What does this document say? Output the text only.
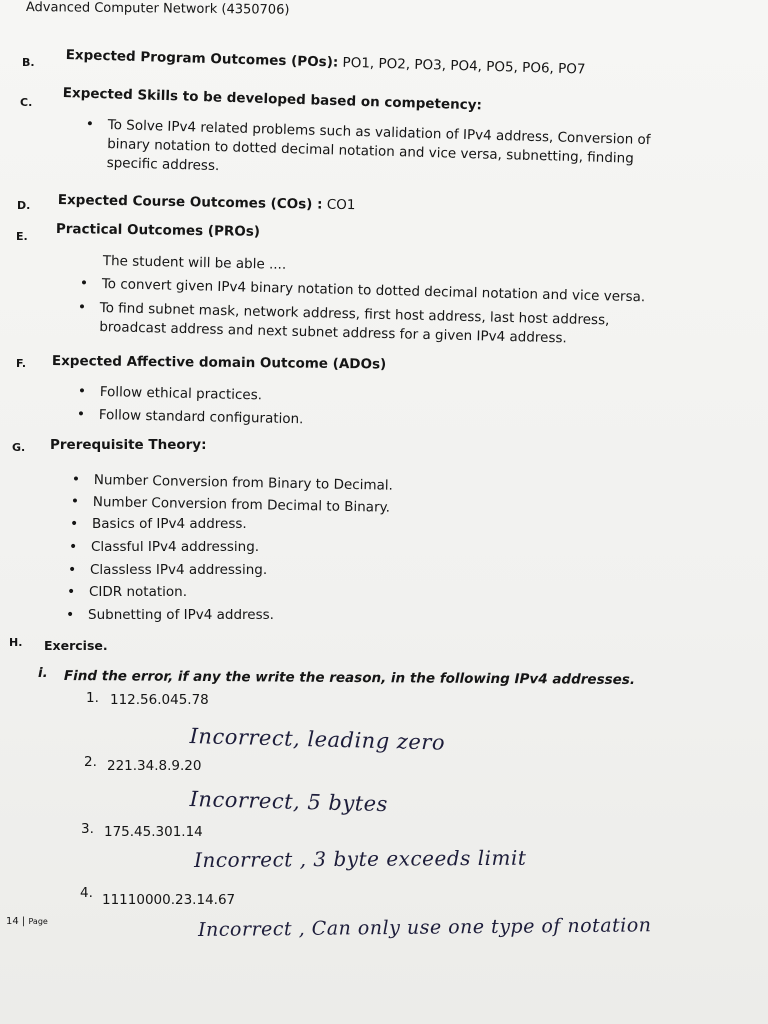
Advanced Computer Network (4350706)
B. Expected Program Outcomes (POs): PO1, PO2, PO3, PO4, PO5, PO6, PO7
C. Expected Skills to be developed based on competency:
• To Solve IPv4 related problems such as validation of IPv4 address, Conversion of binary notation to dotted decimal notation and vice versa, subnetting, finding specific address.
D. Expected Course Outcomes (COs) : CO1
E. Practical Outcomes (PROs)
The student will be able ....
• To convert given IPv4 binary notation to dotted decimal notation and vice versa.
• To find subnet mask, network address, first host address, last host address, broadcast address and next subnet address for a given IPv4 address.
F. Expected Affective domain Outcome (ADOs)
• Follow ethical practices.
• Follow standard configuration.
G. Prerequisite Theory:
• Number Conversion from Binary to Decimal.
• Number Conversion from Decimal to Binary.
• Basics of IPv4 address.
• Classful IPv4 addressing.
• Classless IPv4 addressing.
• CIDR notation.
• Subnetting of IPv4 address.
H. Exercise.
i. Find the error, if any the write the reason, in the following IPv4 addresses.
1. 112.56.045.78
Incorrect, leading zero
2. 221.34.8.9.20
Incorrect, 5 bytes
3. 175.45.301.14
Incorrect , 3 byte exceeds limit
4. 11110000.23.14.67
Incorrect , Can only use one type of notation
14 | Page
